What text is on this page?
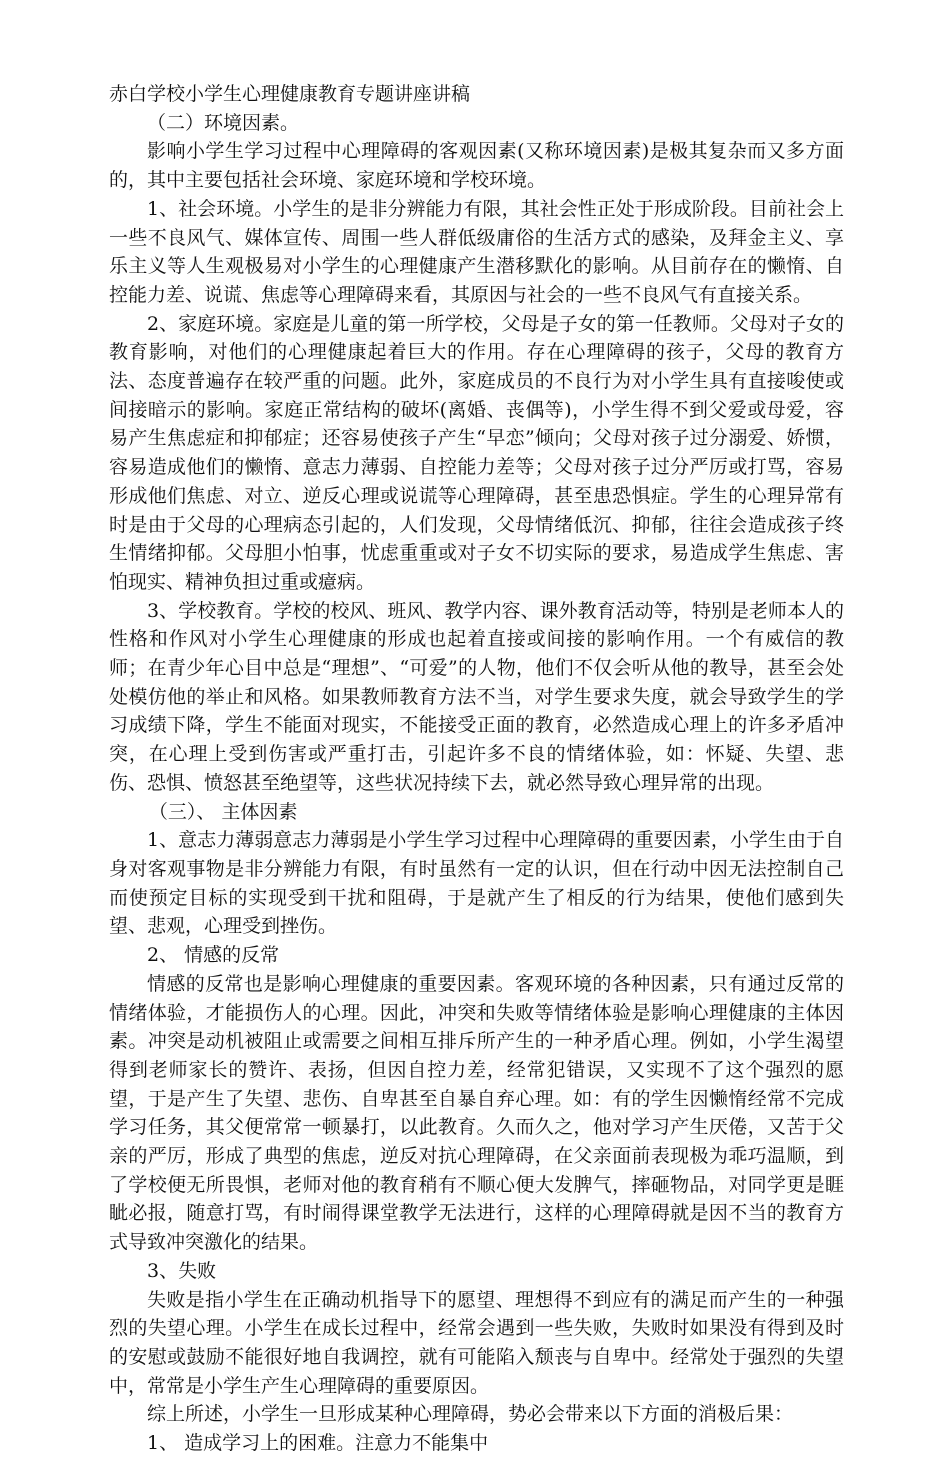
赤白学校小学生心理健康教育专题讲座讲稿

（二）环境因素。

影响小学生学习过程中心理障碍的客观因素(又称环境因素)是极其复杂而又多方面的，其中主要包括社会环境、家庭环境和学校环境。

1、社会环境。小学生的是非分辨能力有限，其社会性正处于形成阶段。目前社会上一些不良风气、媒体宣传、周围一些人群低级庸俗的生活方式的感染，及拜金主义、享乐主义等人生观极易对小学生的心理健康产生潜移默化的影响。从目前存在的懒惰、自控能力差、说谎、焦虑等心理障碍来看，其原因与社会的一些不良风气有直接关系。

2、家庭环境。家庭是儿童的第一所学校，父母是子女的第一任教师。父母对子女的教育影响，对他们的心理健康起着巨大的作用。存在心理障碍的孩子，父母的教育方法、态度普遍存在较严重的问题。此外，家庭成员的不良行为对小学生具有直接唆使或间接暗示的影响。家庭正常结构的破坏(离婚、丧偶等)，小学生得不到父爱或母爱，容易产生焦虑症和抑郁症；还容易使孩子产生“早恋”倾向；父母对孩子过分溺爱、娇惯，容易造成他们的懒惰、意志力薄弱、自控能力差等；父母对孩子过分严厉或打骂，容易形成他们焦虑、对立、逆反心理或说谎等心理障碍，甚至患恐惧症。学生的心理异常有时是由于父母的心理病态引起的，人们发现，父母情绪低沉、抑郁，往往会造成孩子终生情绪抑郁。父母胆小怕事，忧虑重重或对子女不切实际的要求，易造成学生焦虑、害怕现实、精神负担过重或癔病。

3、学校教育。学校的校风、班风、教学内容、课外教育活动等，特别是老师本人的性格和作风对小学生心理健康的形成也起着直接或间接的影响作用。一个有威信的教师；在青少年心目中总是“理想”、“可爱”的人物，他们不仅会听从他的教导，甚至会处处模仿他的举止和风格。如果教师教育方法不当，对学生要求失度，就会导致学生的学习成绩下降，学生不能面对现实，不能接受正面的教育，必然造成心理上的许多矛盾冲突，在心理上受到伤害或严重打击，引起许多不良的情绪体验，如：怀疑、失望、悲伤、恐惧、愤怒甚至绝望等，这些状况持续下去，就必然导致心理异常的出现。

（三）、 主体因素

1、意志力薄弱意志力薄弱是小学生学习过程中心理障碍的重要因素，小学生由于自身对客观事物是非分辨能力有限，有时虽然有一定的认识，但在行动中因无法控制自己而使预定目标的实现受到干扰和阻碍，于是就产生了相反的行为结果，使他们感到失望、悲观，心理受到挫伤。

2、 情感的反常

情感的反常也是影响心理健康的重要因素。客观环境的各种因素，只有通过反常的情绪体验，才能损伤人的心理。因此，冲突和失败等情绪体验是影响心理健康的主体因素。冲突是动机被阻止或需要之间相互排斥所产生的一种矛盾心理。例如，小学生渴望得到老师家长的赞许、表扬，但因自控力差，经常犯错误，又实现不了这个强烈的愿望，于是产生了失望、悲伤、自卑甚至自暴自弃心理。如：有的学生因懒惰经常不完成学习任务，其父便常常一顿暴打，以此教育。久而久之，他对学习产生厌倦，又苦于父亲的严厉，形成了典型的焦虑，逆反对抗心理障碍，在父亲面前表现极为乖巧温顺，到了学校便无所畏惧，老师对他的教育稍有不顺心便大发脾气，摔砸物品，对同学更是睚眦必报，随意打骂，有时闹得课堂教学无法进行，这样的心理障碍就是因不当的教育方式导致冲突激化的结果。

3、失败

失败是指小学生在正确动机指导下的愿望、理想得不到应有的满足而产生的一种强烈的失望心理。小学生在成长过程中，经常会遇到一些失败，失败时如果没有得到及时的安慰或鼓励不能很好地自我调控，就有可能陷入颓丧与自卑中。经常处于强烈的失望中，常常是小学生产生心理障碍的重要原因。

综上所述，小学生一旦形成某种心理障碍，势必会带来以下方面的消极后果：

1、 造成学习上的困难。注意力不能集中
